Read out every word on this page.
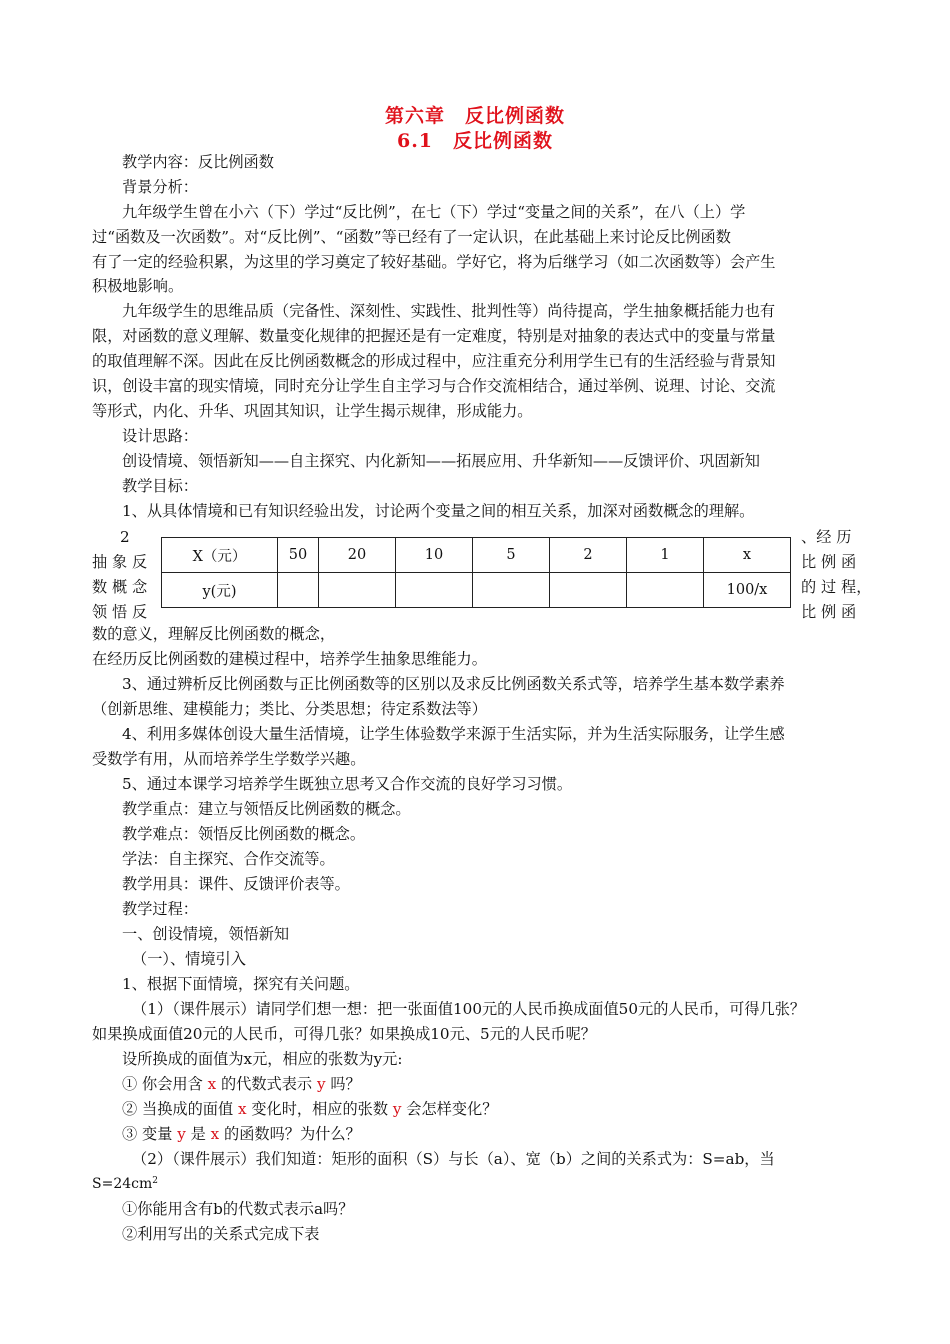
第六章　反比例函数
6.1　反比例函数
教学内容：反比例函数
背景分析：
九年级学生曾在小六（下）学过“反比例”，在七（下）学过“变量之间的关系”，在八（上）学
过“函数及一次函数”。对“反比例”、“函数”等已经有了一定认识，在此基础上来讨论反比例函数
有了一定的经验积累，为这里的学习奠定了较好基础。学好它，将为后继学习（如二次函数等）会产生
积极地影响。
九年级学生的思维品质（完备性、深刻性、实践性、批判性等）尚待提高，学生抽象概括能力也有
限，对函数的意义理解、数量变化规律的把握还是有一定难度，特别是对抽象的表达式中的变量与常量
的取值理解不深。因此在反比例函数概念的形成过程中，应注重充分利用学生已有的生活经验与背景知
识，创设丰富的现实情境，同时充分让学生自主学习与合作交流相结合，通过举例、说理、讨论、交流
等形式，内化、升华、巩固其知识，让学生揭示规律，形成能力。
设计思路：
创设情境、领悟新知——自主探究、内化新知——拓展应用、升华新知——反馈评价、巩固新知
教学目标：
1、从具体情境和已有知识经验出发，讨论两个变量之间的相互关系，加深对函数概念的理解。
2
抽 象 反
数 概 念
领 悟 反
、经 历
比 例 函
的 过 程，
比 例 函
X（元）	50	20	10	5	2	1	x
y(元)							100/x
数的意义，理解反比例函数的概念，
在经历反比例函数的建模过程中，培养学生抽象思维能力。
3、通过辨析反比例函数与正比例函数等的区别以及求反比例函数关系式等，培养学生基本数学素养
（创新思维、建模能力；类比、分类思想；待定系数法等）
4、利用多媒体创设大量生活情境，让学生体验数学来源于生活实际，并为生活实际服务，让学生感
受数学有用，从而培养学生学数学兴趣。
5、通过本课学习培养学生既独立思考又合作交流的良好学习习惯。
教学重点：建立与领悟反比例函数的概念。
教学难点：领悟反比例函数的概念。
学法：自主探究、合作交流等。
教学用具：课件、反馈评价表等。
教学过程：
一、创设情境，领悟新知
（一）、情境引入
1、根据下面情境，探究有关问题。
（1）（课件展示）请同学们想一想：把一张面值100元的人民币换成面值50元的人民币，可得几张？
如果换成面值20元的人民币，可得几张？如果换成10元、5元的人民币呢？
设所换成的面值为x元，相应的张数为y元:
① 你会用含 x 的代数式表示 y 吗？
② 当换成的面值 x 变化时，相应的张数 y 会怎样变化？
③ 变量 y 是 x 的函数吗？为什么？
（2）（课件展示）我们知道：矩形的面积（S）与长（a）、宽（b）之间的关系式为：S=ab，当
$S=24cm^2$
①你能用含有b的代数式表示a吗？
②利用写出的关系式完成下表
